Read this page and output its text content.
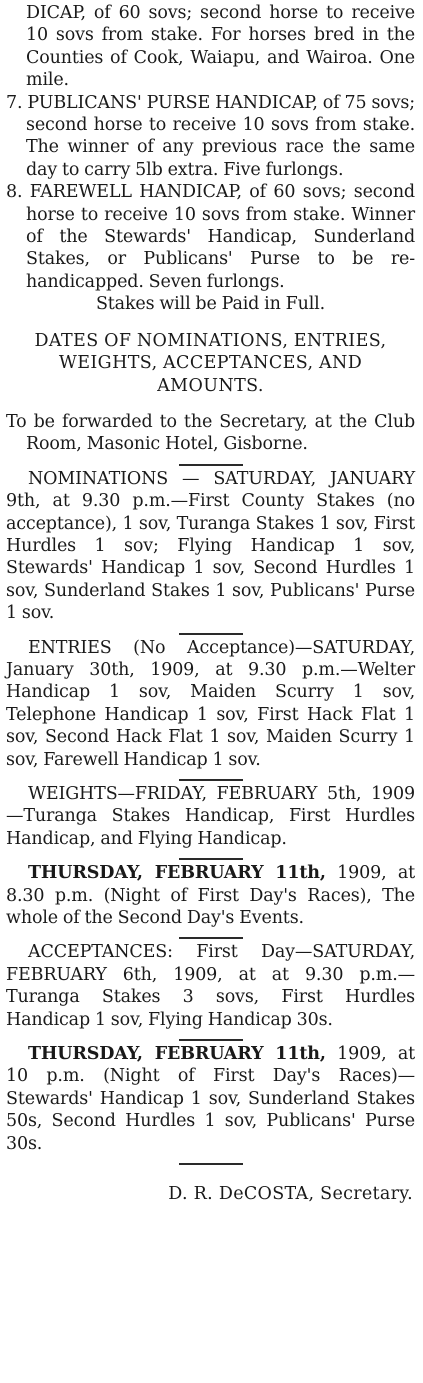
DICAP, of 60 sovs; second horse to receive 10 sovs from stake. For horses bred in the Counties of Cook, Waiapu, and Wairoa. One mile.

7. PUBLICANS' PURSE HANDICAP, of 75 sovs; second horse to receive 10 sovs from stake. The winner of any previous race the same day to carry 5lb extra. Five furlongs.

8. FAREWELL HANDICAP, of 60 sovs; second horse to receive 10 sovs from stake. Winner of the Stewards' Handicap, Sunderland Stakes, or Publicans' Purse to be re-handicapped. Seven furlongs.

Stakes will be Paid in Full.

DATES OF NOMINATIONS, ENTRIES, WEIGHTS, ACCEPTANCES, AND AMOUNTS.

To be forwarded to the Secretary, at the Club Room, Masonic Hotel, Gisborne.

NOMINATIONS — SATURDAY, JANUARY 9th, at 9.30 p.m.—First County Stakes (no acceptance), 1 sov, Turanga Stakes 1 sov, First Hurdles 1 sov; Flying Handicap 1 sov, Stewards' Handicap 1 sov, Second Hurdles 1 sov, Sunderland Stakes 1 sov, Publicans' Purse 1 sov.

ENTRIES (No Acceptance)—SATURDAY, January 30th, 1909, at 9.30 p.m.—Welter Handicap 1 sov, Maiden Scurry 1 sov, Telephone Handicap 1 sov, First Hack Flat 1 sov, Second Hack Flat 1 sov, Maiden Scurry 1 sov, Farewell Handicap 1 sov.

WEIGHTS—FRIDAY, FEBRUARY 5th, 1909—Turanga Stakes Handicap, First Hurdles Handicap, and Flying Handicap.

THURSDAY, FEBRUARY 11th, 1909, at 8.30 p.m. (Night of First Day's Races), The whole of the Second Day's Events.

ACCEPTANCES: First Day—SATURDAY, FEBRUARY 6th, 1909, at at 9.30 p.m.—Turanga Stakes 3 sovs, First Hurdles Handicap 1 sov, Flying Handicap 30s.

THURSDAY, FEBRUARY 11th, 1909, at 10 p.m. (Night of First Day's Races)—Stewards' Handicap 1 sov, Sunderland Stakes 50s, Second Hurdles 1 sov, Publicans' Purse 30s.

D. R. DeCOSTA, Secretary.
